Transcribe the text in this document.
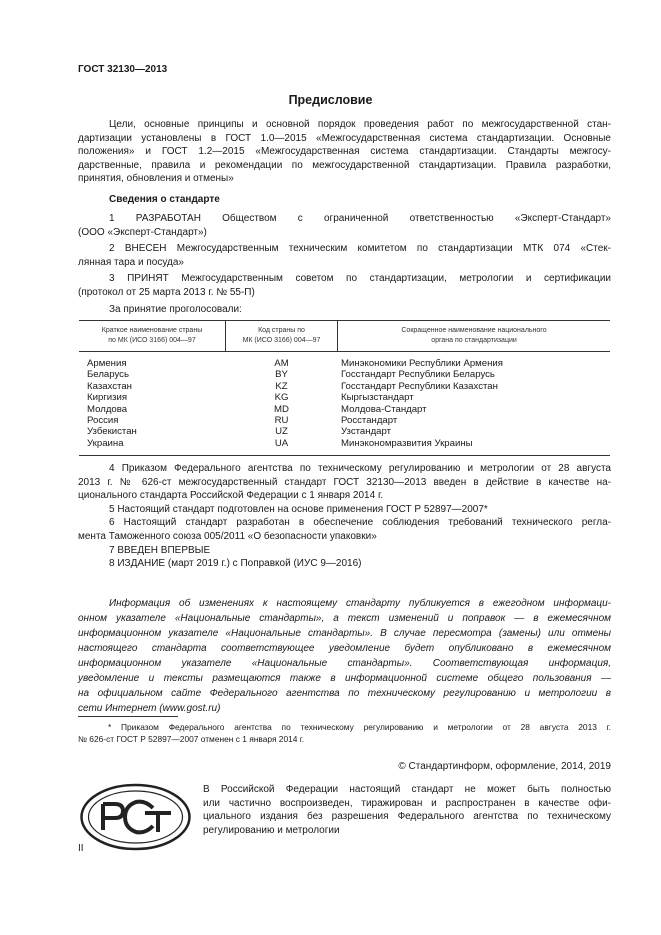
ГОСТ 32130—2013
Предисловие
Цели, основные принципы и основной порядок проведения работ по межгосударственной стан-
дартизации установлены в ГОСТ 1.0—2015 «Межгосударственная система стандартизации. Основные
положения» и ГОСТ 1.2—2015 «Межгосударственная система стандартизации. Стандарты межгосу-
дарственные, правила и рекомендации по межгосударственной стандартизации. Правила разработки,
принятия, обновления и отмены»
Сведения о стандарте
1 РАЗРАБОТАН Обществом с ограниченной ответственностью «Эксперт-Стандарт»
(ООО «Эксперт-Стандарт»)
2 ВНЕСЕН Межгосударственным техническим комитетом по стандартизации МТК 074 «Стек-
лянная тара и посуда»
3 ПРИНЯТ Межгосударственным советом по стандартизации, метрологии и сертификации
(протокол от 25 марта 2013 г. № 55-П)
За принятие проголосовали:
Краткое наименование страны
по МК (ИСО 3166) 004—97
Код страны по
МК (ИСО 3166) 004—97
Сокращенное наименование национального
органа по стандартизации
Армения
Беларусь
Казахстан
Киргизия
Молдова
Россия
Узбекистан
Украина
AM
BY
KZ
KG
MD
RU
UZ
UA
Минэкономики Республики Армения
Госстандарт Республики Беларусь
Госстандарт Республики Казахстан
Кыргызстандарт
Молдова-Стандарт
Росстандарт
Узстандарт
Минэкономразвития Украины
4 Приказом Федерального агентства по техническому регулированию и метрологии от 28 августа
2013 г. № 626-ст межгосударственный стандарт ГОСТ 32130—2013 введен в действие в качестве на-
ционального стандарта Российской Федерации с 1 января 2014 г.
5 Настоящий стандарт подготовлен на основе применения ГОСТ Р 52897—2007*
6 Настоящий стандарт разработан в обеспечение соблюдения требований технического регла-
мента Таможенного союза 005/2011 «О безопасности упаковки»
7 ВВЕДЕН ВПЕРВЫЕ
8 ИЗДАНИЕ (март 2019 г.) с Поправкой (ИУС 9—2016)
Информация об изменениях к настоящему стандарту публикуется в ежегодном информаци-
онном указателе «Национальные стандарты», а текст изменений и поправок — в ежемесячном
информационном указателе «Национальные стандарты». В случае пересмотра (замены) или отмены
настоящего стандарта соответствующее уведомление будет опубликовано в ежемесячном
информационном указателе «Национальные стандарты». Соответствующая информация,
уведомление и тексты размещаются также в информационной системе общего пользования —
на официальном сайте Федерального агентства по техническому регулированию и метрологии в
сети Интернет (www.gost.ru)
* Приказом Федерального агентства по техническому регулированию и метрологии от 28 августа 2013 г.
№ 626-ст ГОСТ Р 52897—2007 отменен с 1 января 2014 г.
© Стандартинформ, оформление, 2014, 2019
В Российской Федерации настоящий стандарт не может быть полностью
или частично воспроизведен, тиражирован и распространен в качестве офи-
циального издания без разрешения Федерального агентства по техническому
регулированию и метрологии
II
